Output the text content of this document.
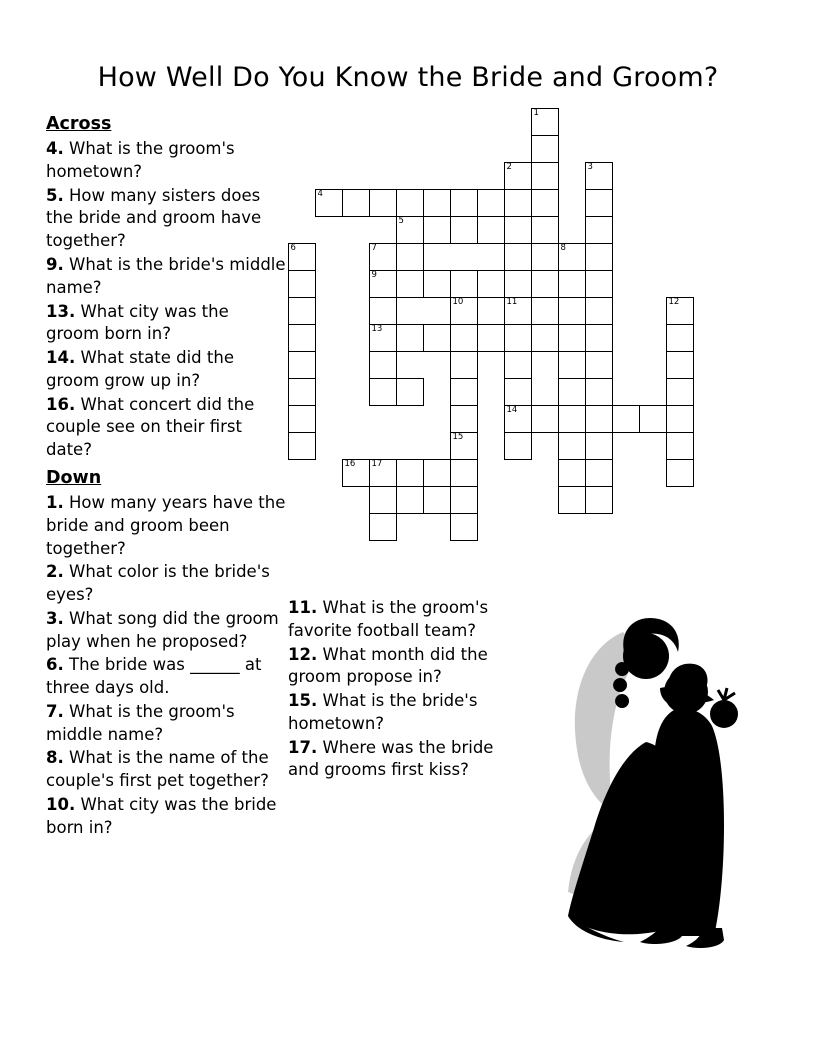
How Well Do You Know the Bride and Groom?
Across

4. What is the groom's hometown?

5. How many sisters does the bride and groom have together?

9. What is the bride's middle name?

13. What city was the groom born in?

14. What state did the groom grow up in?

16. What concert did the couple see on their first date?

Down

1. How many years have the bride and groom been together?

2. What color is the bride's eyes?

3. What song did the groom play when he proposed?

6. The bride was ______ at three days old.

7. What is the groom's middle name?

8. What is the name of the couple's first pet together?

10. What city was the bride born in?

11. What is the groom's favorite football team?

12. What month did the groom propose in?

15. What is the bride's hometown?

17. Where was the bride and grooms first kiss?

1
2	3
4
5
6	7	8
9
10	11	12
13
14
15
16 17
